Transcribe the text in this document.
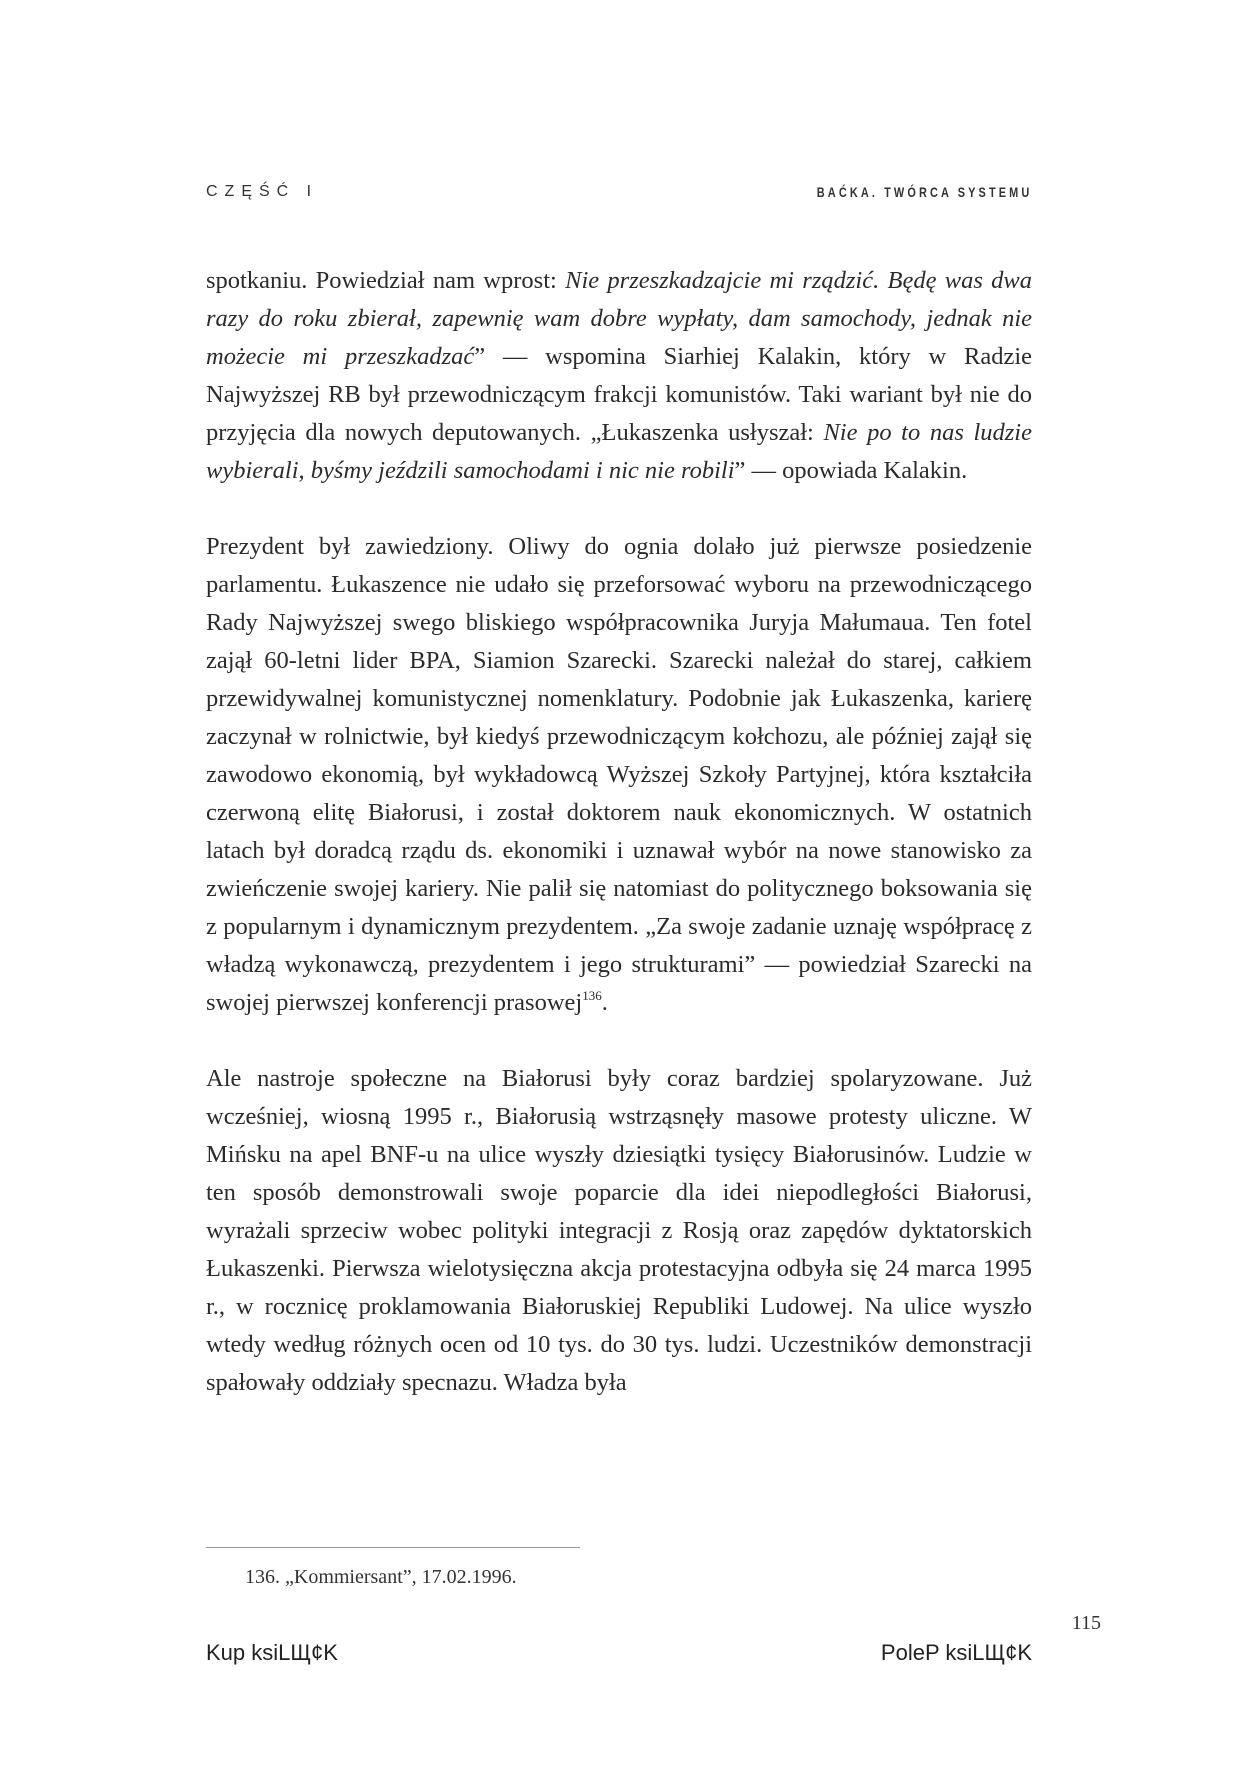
CZĘŚĆ I	BAĆKA. TWÓRCA SYSTEMU

spotkaniu. Powiedział nam wprost: Nie przeszkadzajcie mi rządzić. Będę was dwa razy do roku zbierał, zapewnię wam dobre wypłaty, dam samochody, jednak nie możecie mi przeszkadzać” — wspomina Siarhiej Kalakin, który w Radzie Najwyższej RB był przewodniczącym frakcji komunistów. Taki wariant był nie do przyjęcia dla nowych deputowanych. „Łukaszenka usłyszał: Nie po to nas ludzie wybierali, byśmy jeździli samochodami i nic nie robili” — opowiada Kalakin.

Prezydent był zawiedziony. Oliwy do ognia dolało już pierwsze posiedzenie parlamentu. Łukaszence nie udało się przeforsować wyboru na przewodniczącego Rady Najwyższej swego bliskiego współpracownika Juryja Małumaua. Ten fotel zajął 60-letni lider BPA, Siamion Szarecki. Szarecki należał do starej, całkiem przewidywalnej komunistycznej nomenklatury. Podobnie jak Łukaszenka, karierę zaczynał w rolnictwie, był kiedyś przewodniczącym kołchozu, ale później zajął się zawodowo ekonomią, był wykładowcą Wyższej Szkoły Partyjnej, która kształciła czerwoną elitę Białorusi, i został doktorem nauk ekonomicznych. W ostatnich latach był doradcą rządu ds. ekonomiki i uznawał wybór na nowe stanowisko za zwieńczenie swojej kariery. Nie palił się natomiast do politycznego boksowania się z popularnym i dynamicznym prezydentem. „Za swoje zadanie uznaję współpracę z władzą wykonawczą, prezydentem i jego strukturami” — powiedział Szarecki na swojej pierwszej konferencji prasowej$^{136}$.

Ale nastroje społeczne na Białorusi były coraz bardziej spolaryzowane. Już wcześniej, wiosną 1995 r., Białorusią wstrząsnęły masowe protesty uliczne. W Mińsku na apel BNF-u na ulice wyszły dziesiątki tysięcy Białorusinów. Ludzie w ten sposób demonstrowali swoje poparcie dla idei niepodległości Białorusi, wyrażali sprzeciw wobec polityki integracji z Rosją oraz zapędów dyktatorskich Łukaszenki. Pierwsza wielotysięczna akcja protestacyjna odbyła się 24 marca 1995 r., w rocznicę proklamowania Białoruskiej Republiki Ludowej. Na ulice wyszło wtedy według różnych ocen od 10 tys. do 30 tys. ludzi. Uczestników demonstracji spałowały oddziały specnazu. Władza była

136. „Kommiersant”, 17.02.1996.
115
Kup ksiLЩ¢K	PoleP ksiLЩ¢K
